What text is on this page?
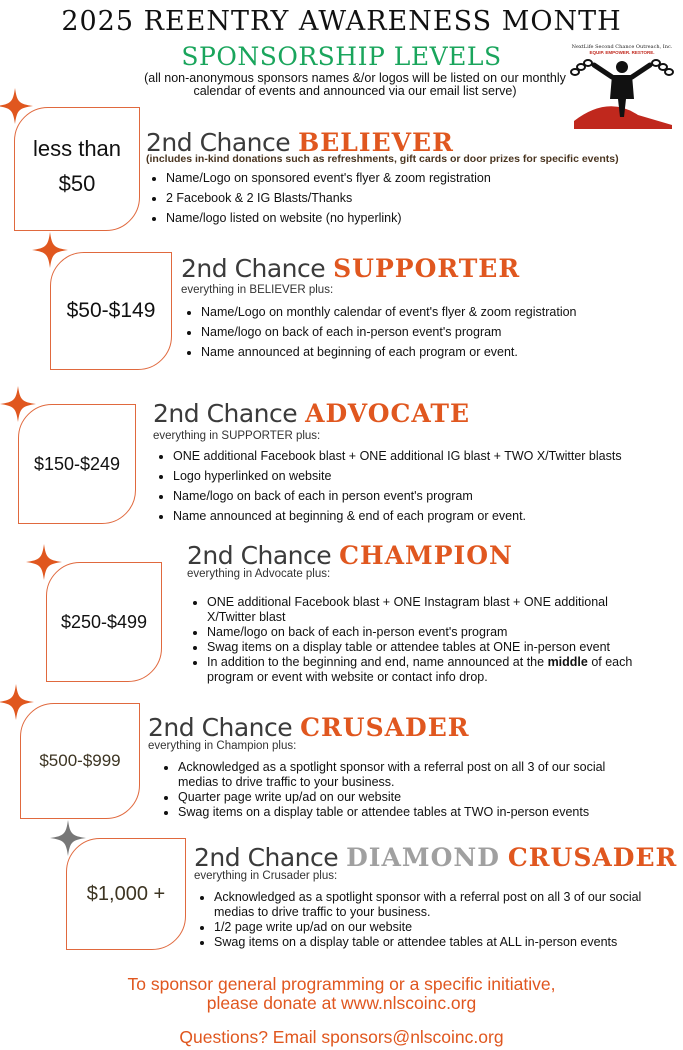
2025 REENTRY AWARENESS MONTH
SPONSORSHIP LEVELS
(all non-anonymous sponsors names &/or logos will be listed on our monthly calendar of events and announced via our email list serve)
NextLife Second Chance Outreach, Inc.
EQUIP. EMPOWER. RESTORE.
less than
$50
2nd Chance BELIEVER
(includes in-kind donations such as refreshments, gift cards or door prizes for specific events)
• Name/Logo on sponsored event's flyer & zoom registration
• 2 Facebook & 2 IG Blasts/Thanks
• Name/logo listed on website (no hyperlink)
$50-$149
2nd Chance SUPPORTER
everything in BELIEVER plus:
• Name/Logo on monthly calendar of event's flyer & zoom registration
• Name/logo on back of each in-person event's program
• Name announced at beginning of each program or event.
$150-$249
2nd Chance ADVOCATE
everything in SUPPORTER plus:
• ONE additional Facebook blast + ONE additional IG blast + TWO X/Twitter blasts
• Logo hyperlinked on website
• Name/logo on back of each in person event's program
• Name announced at beginning & end of each program or event.
$250-$499
2nd Chance CHAMPION
everything in Advocate plus:
• ONE additional Facebook blast + ONE Instagram blast + ONE additional X/Twitter blast
• Name/logo on back of each in-person event's program
• Swag items on a display table or attendee tables at ONE in-person event
• In addition to the beginning and end, name announced at the middle of each program or event with website or contact info drop.
$500-$999
2nd Chance CRUSADER
everything in Champion plus:
• Acknowledged as a spotlight sponsor with a referral post on all 3 of our social medias to drive traffic to your business.
• Quarter page write up/ad on our website
• Swag items on a display table or attendee tables at TWO in-person events
$1,000 +
2nd Chance DIAMOND CRUSADER
everything in Crusader plus:
• Acknowledged as a spotlight sponsor with a referral post on all 3 of our social medias to drive traffic to your business.
• 1/2 page write up/ad on our website
• Swag items on a display table or attendee tables at ALL in-person events
To sponsor general programming or a specific initiative,
please donate at www.nlscoinc.org
Questions? Email sponsors@nlscoinc.org
